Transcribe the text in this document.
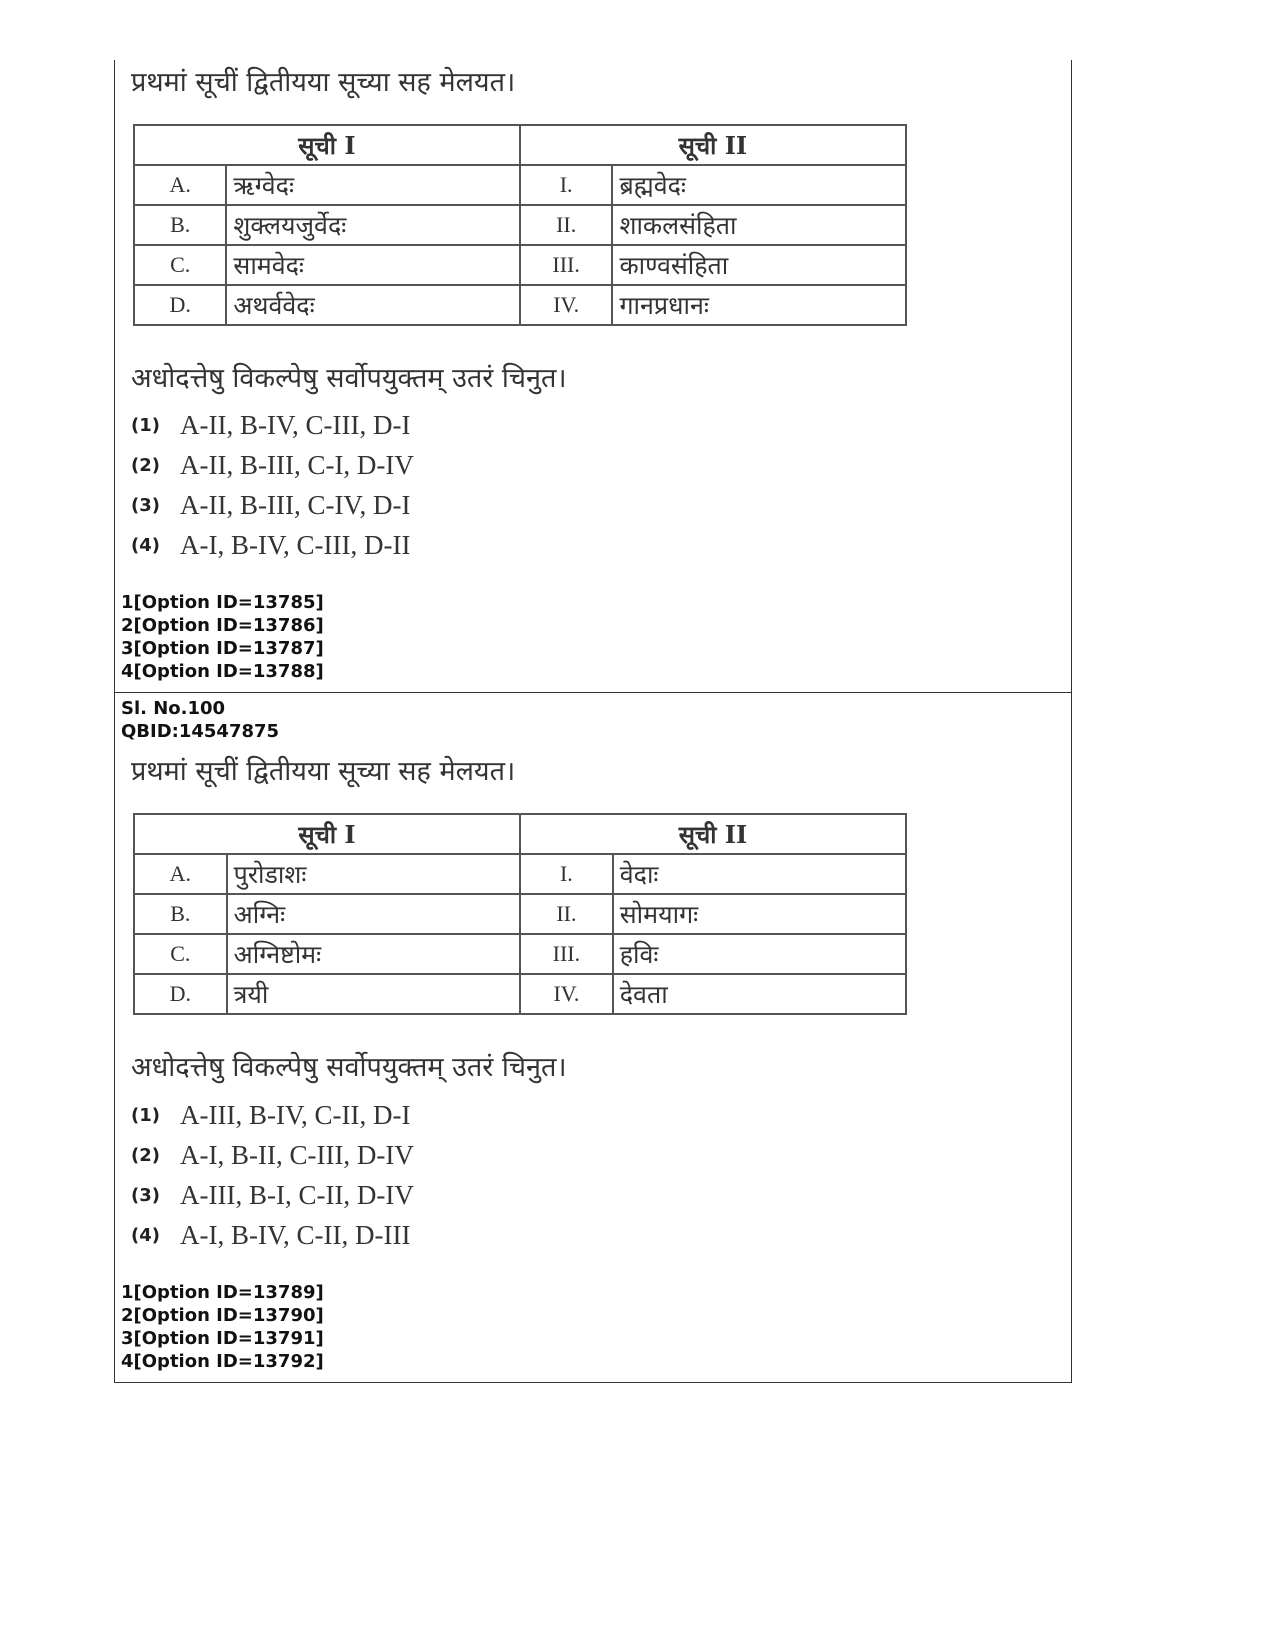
प्रथमां सूचीं द्वितीयया सूच्या सह मेलयत।
सूची I		सूची II	
A.	ऋग्वेदः	I.	ब्रह्मवेदः
B.	शुक्लयजुर्वेदः	II.	शाकलसंहिता
C.	सामवेदः	III.	काण्वसंहिता
D.	अथर्ववेदः	IV.	गानप्रधानः
अधोदत्तेषु विकल्पेषु सर्वोपयुक्तम् उतरं चिनुत।
(1) A-II, B-IV, C-III, D-I
(2) A-II, B-III, C-I, D-IV
(3) A-II, B-III, C-IV, D-I
(4) A-I, B-IV, C-III, D-II
1[Option ID=13785]
2[Option ID=13786]
3[Option ID=13787]
4[Option ID=13788]
Sl. No.100
QBID:14547875
प्रथमां सूचीं द्वितीयया सूच्या सह मेलयत।
सूची I		सूची II	
A.	पुरोडाशः	I.	वेदाः
B.	अग्निः	II.	सोमयागः
C.	अग्निष्टोमः	III.	हविः
D.	त्रयी	IV.	देवता
अधोदत्तेषु विकल्पेषु सर्वोपयुक्तम् उतरं चिनुत।
(1) A-III, B-IV, C-II, D-I
(2) A-I, B-II, C-III, D-IV
(3) A-III, B-I, C-II, D-IV
(4) A-I, B-IV, C-II, D-III
1[Option ID=13789]
2[Option ID=13790]
3[Option ID=13791]
4[Option ID=13792]
